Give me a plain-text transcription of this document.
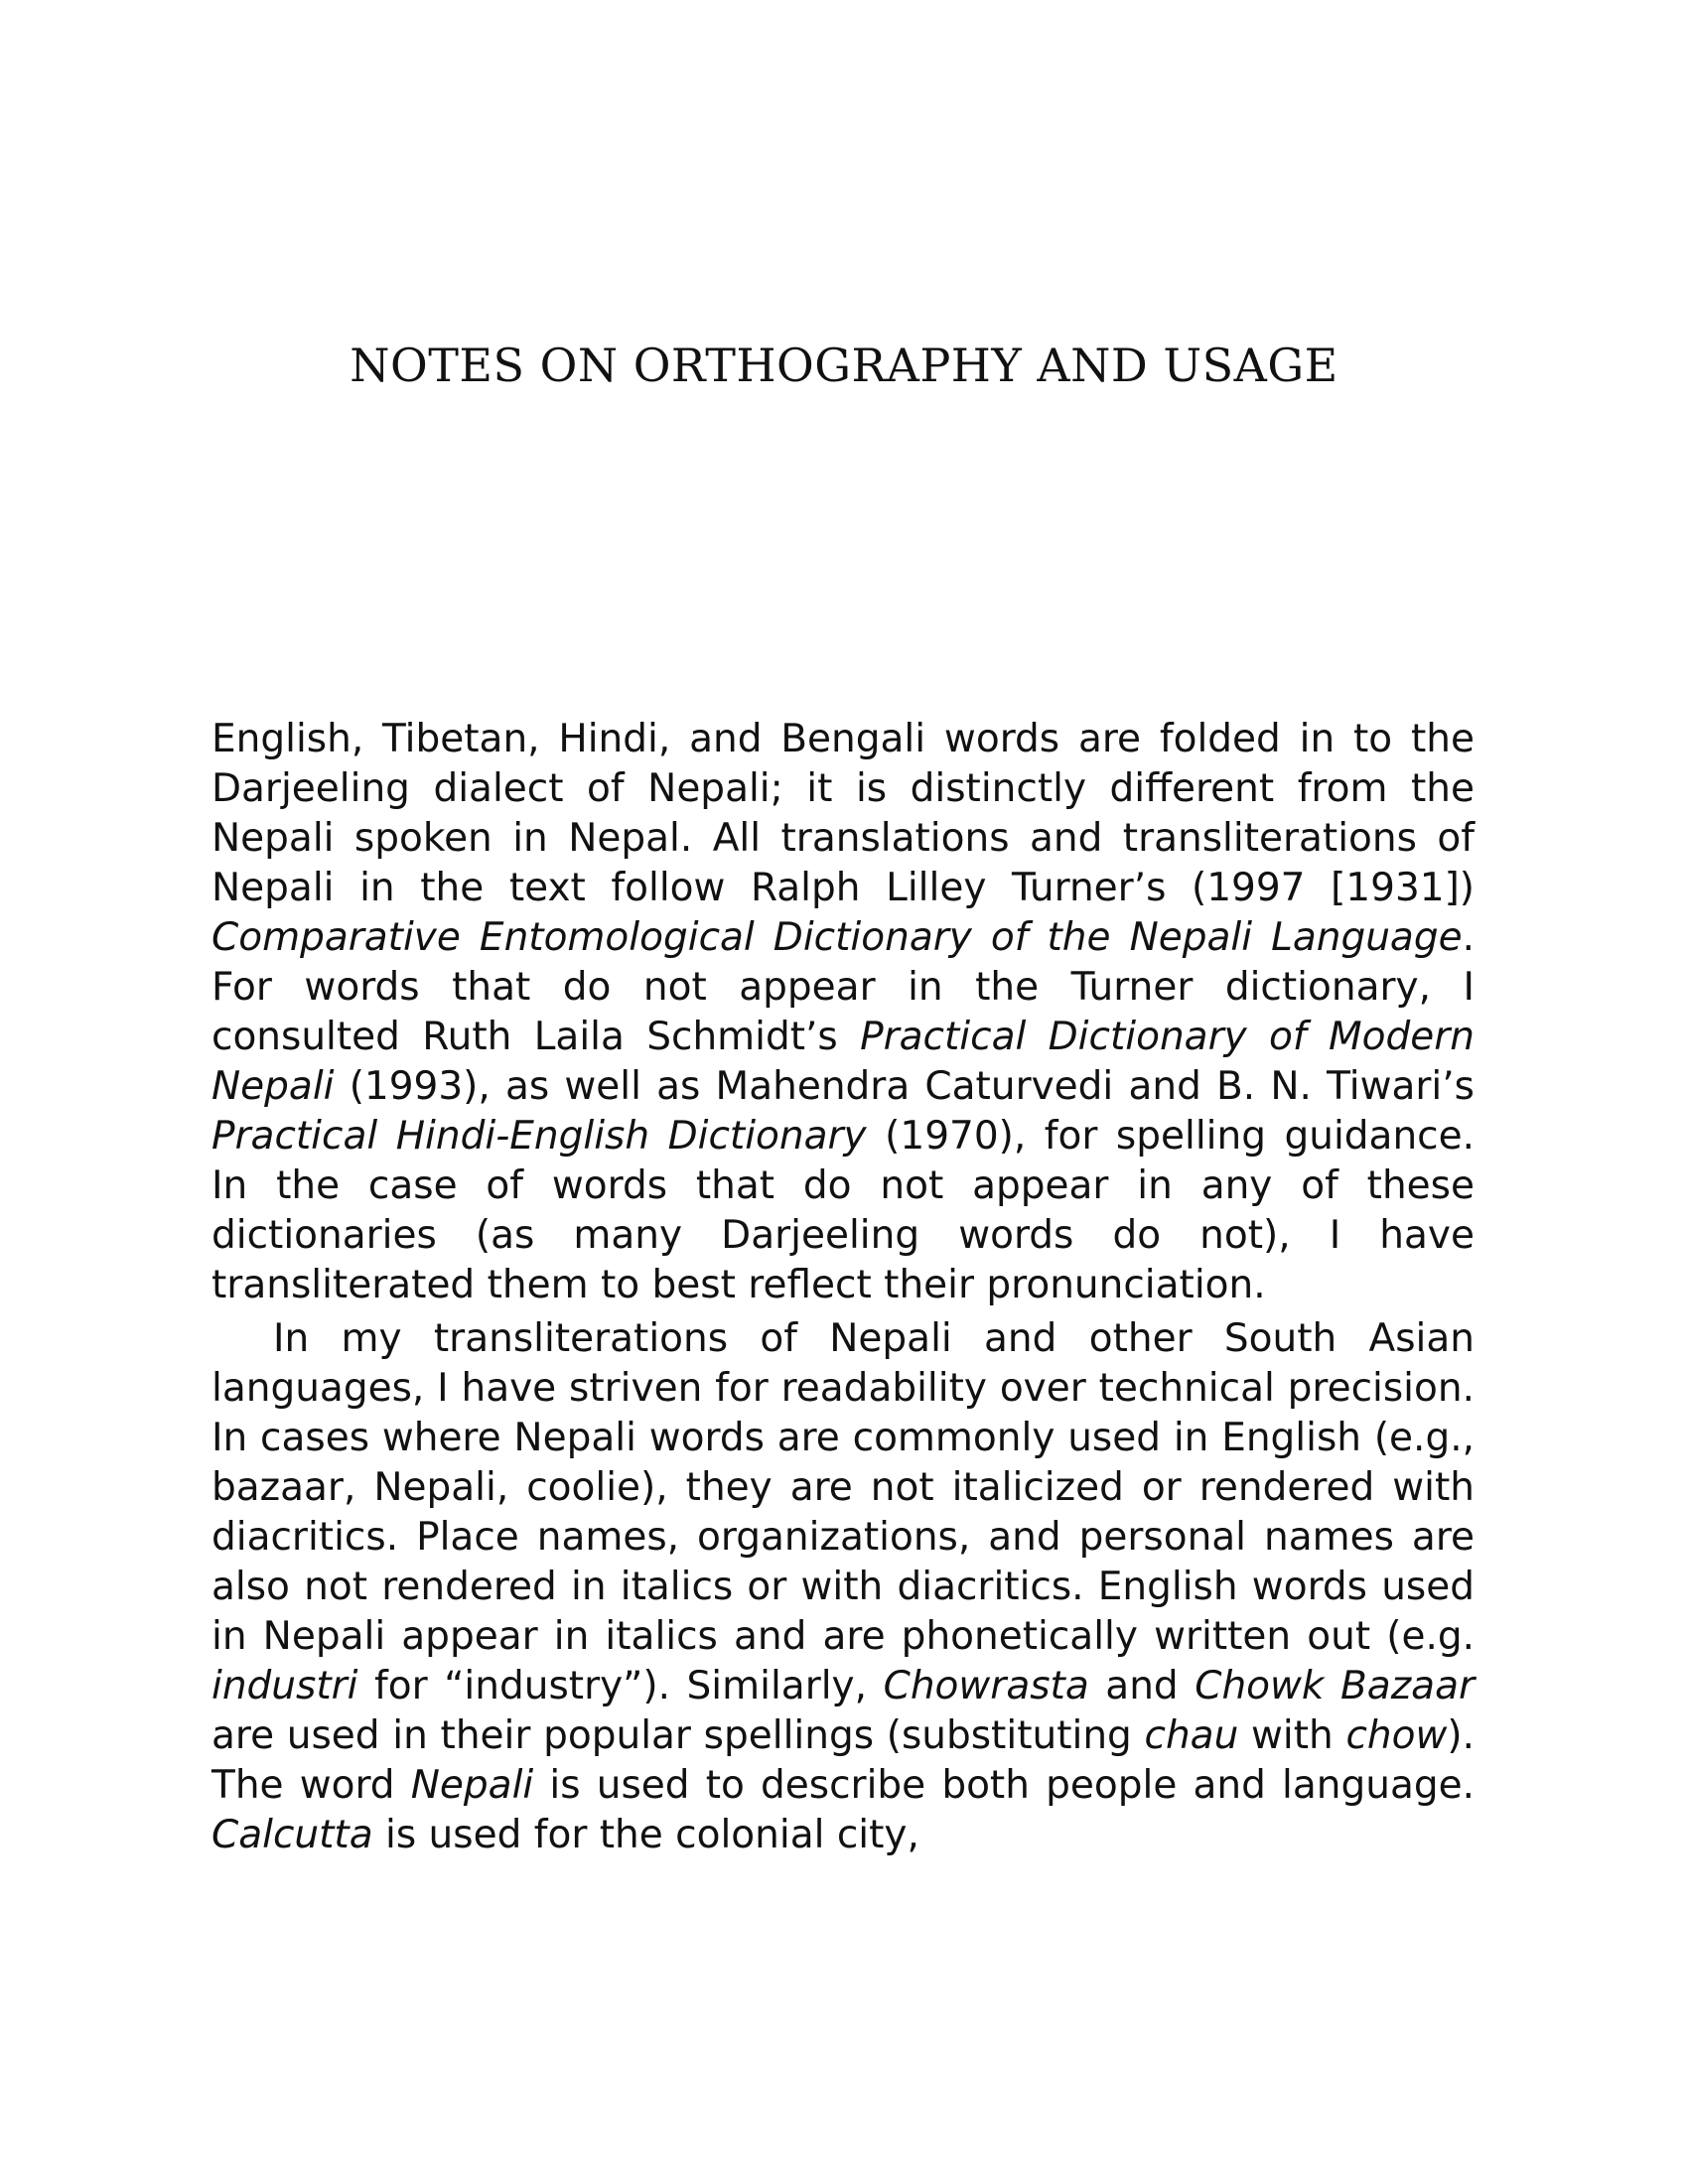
NOTES ON ORTHOGRAPHY AND USAGE

English, Tibetan, Hindi, and Bengali words are folded in to the Darjeeling dialect of Nepali; it is distinctly different from the Nepali spoken in Nepal. All translations and transliterations of Nepali in the text follow Ralph Lilley Turner’s (1997 [1931]) Comparative Entomological Dictionary of the Nepali Language. For words that do not appear in the Turner dictionary, I consulted Ruth Laila Schmidt’s Practical Dictionary of Modern Nepali (1993), as well as Mahendra Caturvedi and B. N. Tiwari’s Practical Hindi-English Dictionary (1970), for spelling guidance. In the case of words that do not appear in any of these dictionaries (as many Darjeeling words do not), I have transliterated them to best reflect their pronunciation.

In my transliterations of Nepali and other South Asian languages, I have striven for readability over technical precision. In cases where Nepali words are commonly used in English (e.g., bazaar, Nepali, coolie), they are not italicized or rendered with diacritics. Place names, organizations, and personal names are also not rendered in italics or with diacritics. English words used in Nepali appear in italics and are phonetically written out (e.g. industri for “industry”). Similarly, Chowrasta and Chowk Bazaar are used in their popular spellings (substituting chau with chow). The word Nepali is used to describe both people and language. Calcutta is used for the colonial city,
